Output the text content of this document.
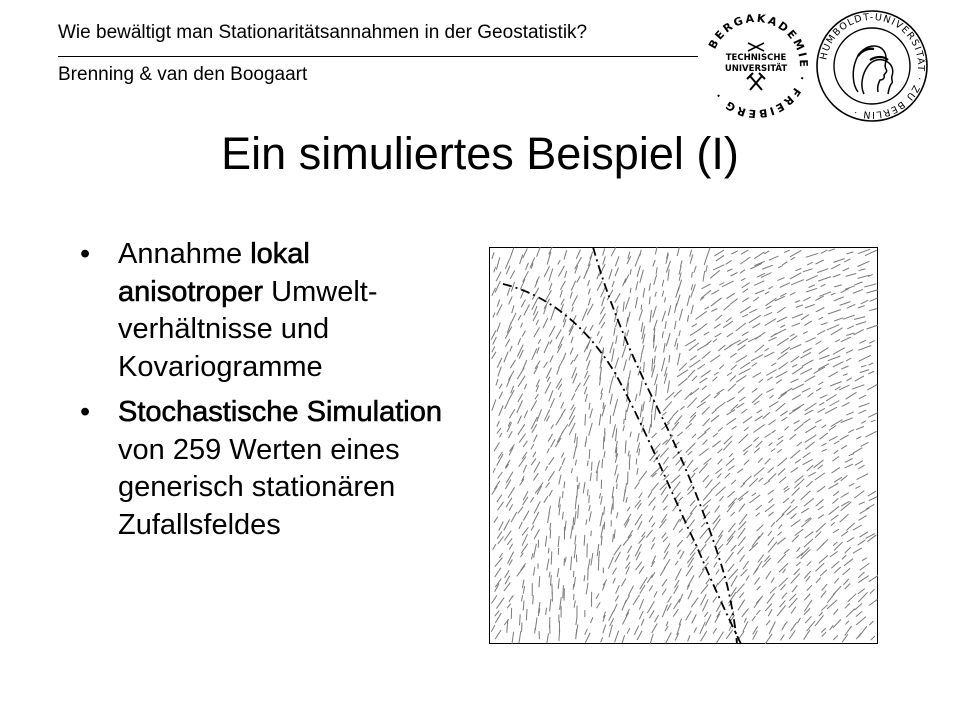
Wie bewältigt man Stationaritätsannahmen in der Geostatistik?
Brenning & van den Boogaart
BERGAKADEMIE · FREIBERG ·
TECHNISCHE
UNIVERSITÄT
HUMBOLDT-UNIVERSITÄT · ZU BERLIN ·
Ein simuliertes Beispiel (I)
• Annahme lokal anisotroper Umwelt-verhältnisse und Kovariogramme
• Stochastische Simulation von 259 Werten eines generisch stationären Zufallsfeldes
